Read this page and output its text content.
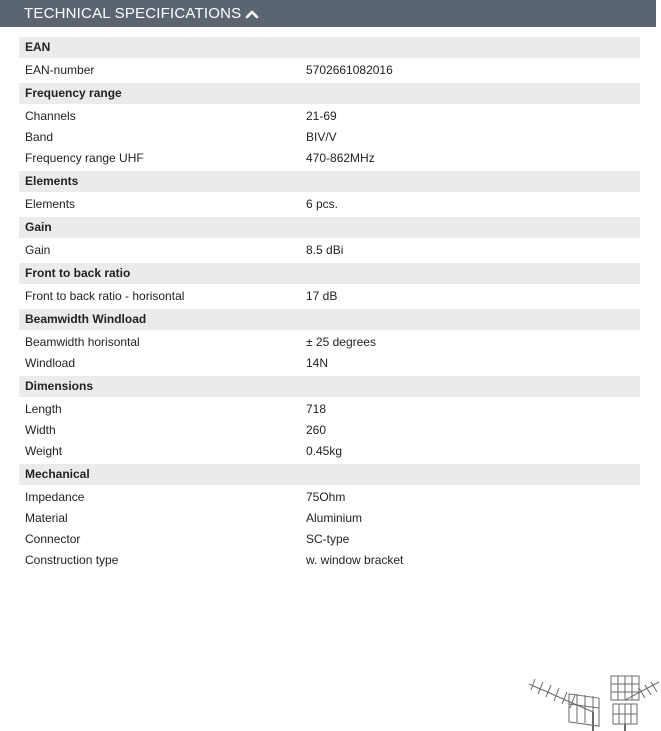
TECHNICAL SPECIFICATIONS
EAN
EAN-number	5702661082016
Frequency range
Channels	21-69
Band	BIV/V
Frequency range UHF	470-862MHz
Elements
Elements	6 pcs.
Gain
Gain	8.5 dBi
Front to back ratio
Front to back ratio - horisontal	17 dB
Beamwidth Windload
Beamwidth horisontal	± 25 degrees
Windload	14N
Dimensions
Length	718
Width	260
Weight	0.45kg
Mechanical
Impedance	75Ohm
Material	Aluminium
Connector	SC-type
Construction type	w. window bracket
